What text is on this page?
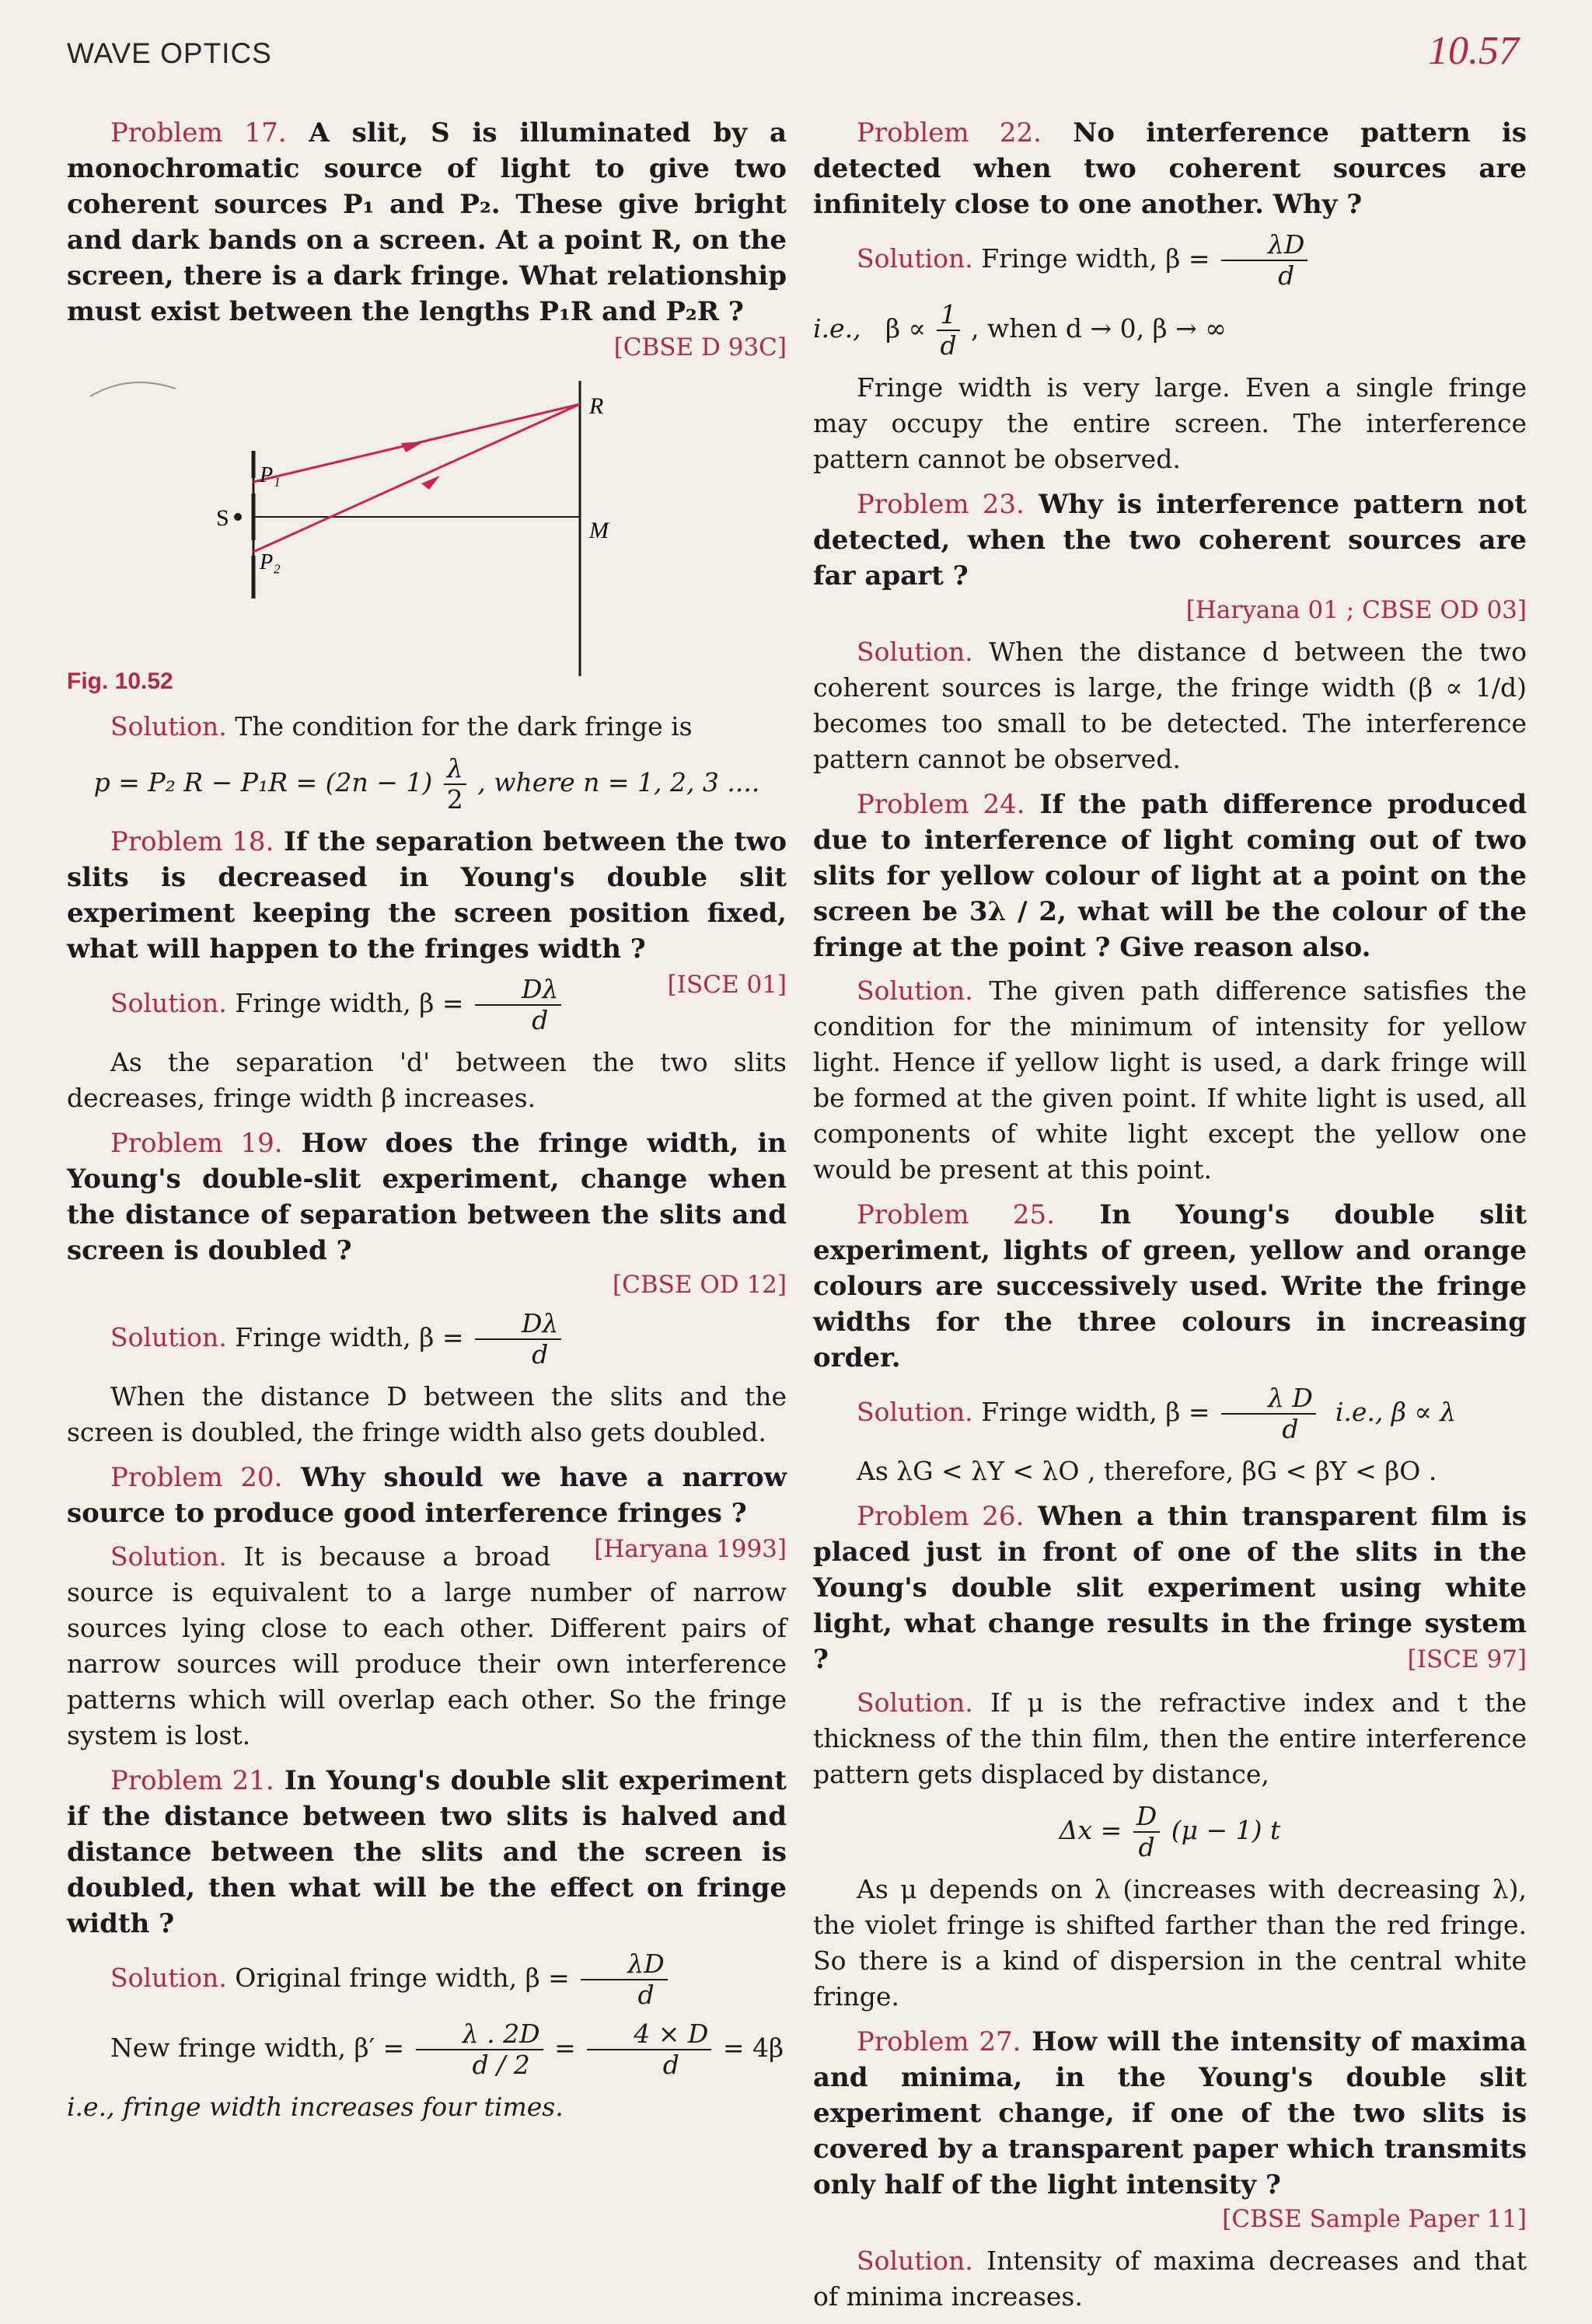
WAVE OPTICS	10.57

Problem 17. A slit, S is illuminated by a monochromatic source of light to give two coherent sources P₁ and P₂. These give bright and dark bands on a screen. At a point R, on the screen, there is a dark fringe. What relationship must exist between the lengths P₁R and P₂R ?
[CBSE D 93C]

R
M
S
P₁
P₂
Fig. 10.52

Solution. The condition for the dark fringe is

p = P₂ $R - P_1R = (2n - 1) \frac{\lambda}{2}$ , where n = 1, 2, 3 ....

Problem 18. If the separation between the two slits is decreased in Young's double slit experiment keeping the screen position fixed, what will happen to the fringes width ?
[ISCE 01]

Solution. Fringe width, $\beta = \frac{D\lambda}{d}$

As the separation 'd' between the two slits decreases, fringe width β increases.

Problem 19. How does the fringe width, in Young's double-slit experiment, change when the distance of separation between the slits and screen is doubled ?
[CBSE OD 12]

Solution. Fringe width, $\beta = \frac{D\lambda}{d}$

When the distance D between the slits and the screen is doubled, the fringe width also gets doubled.

Problem 20. Why should we have a narrow source to produce good interference fringes ?
[Haryana 1993]

Solution. It is because a broad source is equivalent to a large number of narrow sources lying close to each other. Different pairs of narrow sources will produce their own interference patterns which will overlap each other. So the fringe system is lost.

Problem 21. In Young's double slit experiment if the distance between two slits is halved and distance between the slits and the screen is doubled, then what will be the effect on fringe width ?

Solution. Original fringe width, $\beta = \frac{\lambda D}{d}$

New fringe width, $\beta' = \frac{\lambda . 2D}{d / 2} = \frac{4 \times D}{d} = 4\beta$

i.e., fringe width increases four times.

Problem 22. No interference pattern is detected when two coherent sources are infinitely close to one another. Why ?

Solution. Fringe width, $\beta = \frac{\lambda D}{d}$

i.e., $\beta \propto \frac{1}{d}$ , when d → 0, β → ∞

Fringe width is very large. Even a single fringe may occupy the entire screen. The interference pattern cannot be observed.

Problem 23. Why is interference pattern not detected, when the two coherent sources are far apart ?
[Haryana 01 ; CBSE OD 03]

Solution. When the distance d between the two coherent sources is large, the fringe width (β ∝ 1/d) becomes too small to be detected. The interference pattern cannot be observed.

Problem 24. If the path difference produced due to interference of light coming out of two slits for yellow colour of light at a point on the screen be 3λ / 2, what will be the colour of the fringe at the point ? Give reason also.

Solution. The given path difference satisfies the condition for the minimum of intensity for yellow light. Hence if yellow light is used, a dark fringe will be formed at the given point. If white light is used, all components of white light except the yellow one would be present at this point.

Problem 25. In Young's double slit experiment, lights of green, yellow and orange colours are successively used. Write the fringe widths for the three colours in increasing order.

Solution. Fringe width, $\beta = \frac{\text{λ D}}{d} i.e$., β ∝ λ

As λG < λY < λO , therefore, βG < βY < βO .

Problem 26. When a thin transparent film is placed just in front of one of the slits in the Young's double slit experiment using white light, what change results in the fringe system ?	[ISCE 97]

Solution. If μ is the refractive index and t the thickness of the thin film, then the entire interference pattern gets displaced by distance,

$\Delta x = \frac{D}{d} (\mu - 1)$ t

As μ depends on λ (increases with decreasing λ), the violet fringe is shifted farther than the red fringe. So there is a kind of dispersion in the central white fringe.

Problem 27. How will the intensity of maxima and minima, in the Young's double slit experiment change, if one of the two slits is covered by a transparent paper which transmits only half of the light intensity ?
[CBSE Sample Paper 11]

Solution. Intensity of maxima decreases and that of minima increases.
